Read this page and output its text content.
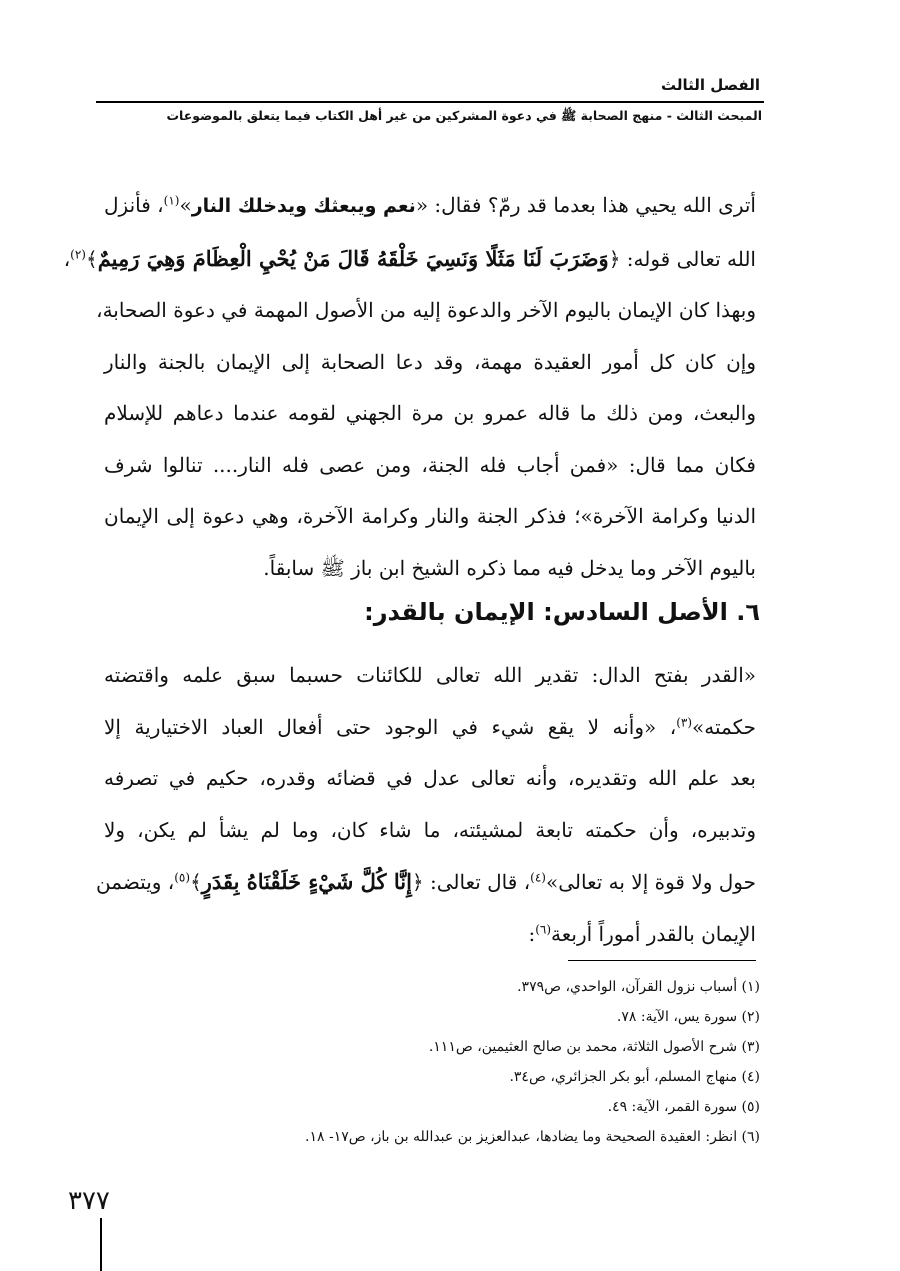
الفصل الثالث
المبحث الثالث - منهج الصحابة ﷺ في دعوة المشركين من غير أهل الكتاب فيما يتعلق بالموضوعات
أترى الله يحيي هذا بعدما قد رمّ؟ فقال: «نعم ويبعثك ويدخلك النار»$^{(١)}$، فأنزل
الله تعالى قوله: ﴿وَضَرَبَ لَنَا مَثَلًا وَنَسِيَ خَلْقَهُ قَالَ مَنْ يُحْيِ الْعِظَامَ وَهِيَ رَمِيمٌ﴾$^{(٢)}$،
وبهذا كان الإيمان باليوم الآخر والدعوة إليه من الأصول المهمة في دعوة الصحابة،
وإن كان كل أمور العقيدة مهمة، وقد دعا الصحابة إلى الإيمان بالجنة والنار
والبعث، ومن ذلك ما قاله عمرو بن مرة الجهني لقومه عندما دعاهم للإسلام
فكان مما قال: «فمن أجاب فله الجنة، ومن عصى فله النار.... تنالوا شرف
الدنيا وكرامة الآخرة»؛ فذكر الجنة والنار وكرامة الآخرة، وهي دعوة إلى الإيمان
باليوم الآخر وما يدخل فيه مما ذكره الشيخ ابن باز ﷺ سابقاً.
٦. الأصل السادس: الإيمان بالقدر:
«القدر بفتح الدال: تقدير الله تعالى للكائنات حسبما سبق علمه واقتضته
حكمته»$^{(٣)}$، «وأنه لا يقع شيء في الوجود حتى أفعال العباد الاختيارية إلا
بعد علم الله وتقديره، وأنه تعالى عدل في قضائه وقدره، حكيم في تصرفه
وتدبيره، وأن حكمته تابعة لمشيئته، ما شاء كان، وما لم يشأ لم يكن، ولا
حول ولا قوة إلا به تعالى»$^{(٤)}$، قال تعالى: ﴿إِنَّا كُلَّ شَيْءٍ خَلَقْنَاهُ بِقَدَرٍ﴾$^{(٥)}$، ويتضمن
الإيمان بالقدر أموراً أربعة$^{(٦)}$:
(١) أسباب نزول القرآن، الواحدي، ص٣٧٩.
(٢) سورة يس، الآية: ٧٨.
(٣) شرح الأصول الثلاثة، محمد بن صالح العثيمين، ص١١١.
(٤) منهاج المسلم، أبو بكر الجزائري، ص٣٤.
(٥) سورة القمر، الآية: ٤٩.
(٦) انظر: العقيدة الصحيحة وما يضادها، عبدالعزيز بن عبدالله بن باز، ص١٧- ١٨.
٣٧٧
